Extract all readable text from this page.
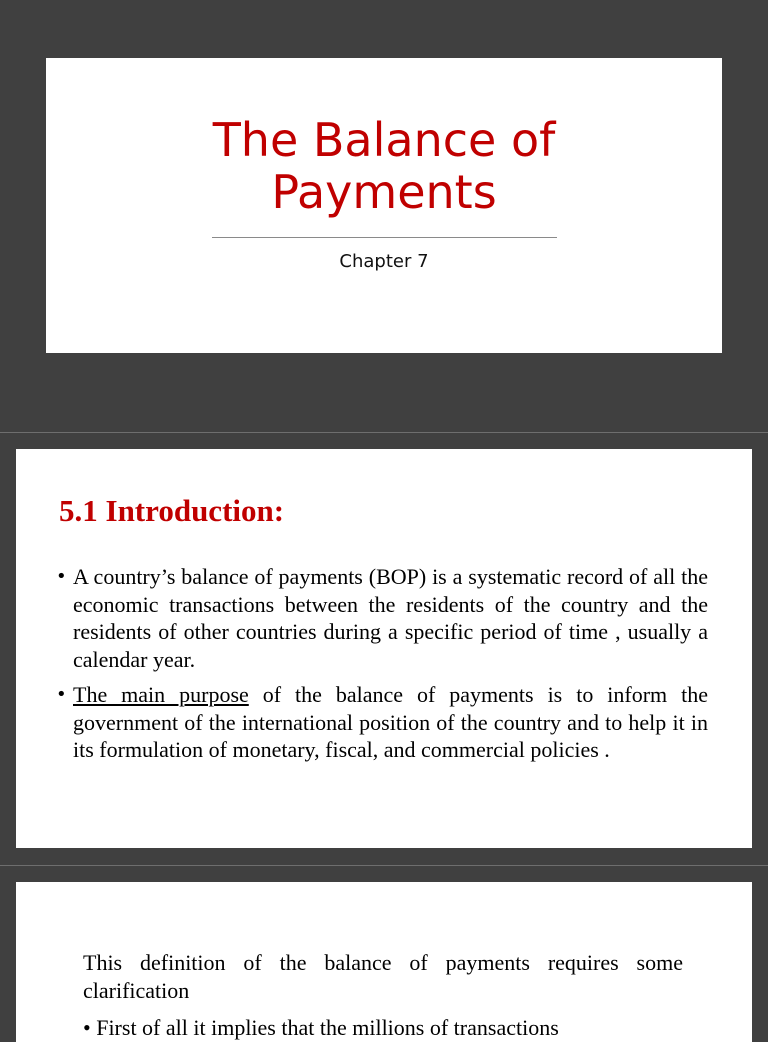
The Balance of
Payments
Chapter 7
5.1 Introduction:
• A country’s balance of payments (BOP) is a systematic record of all the economic transactions between the residents of the country and the residents of other countries during a specific period of time , usually a calendar year.
• The main purpose of the balance of payments is to inform the government of the international position of the country and to help it in its formulation of monetary, fiscal, and commercial policies .
This definition of the balance of payments requires some clarification
• First of all it implies that the millions of transactions
